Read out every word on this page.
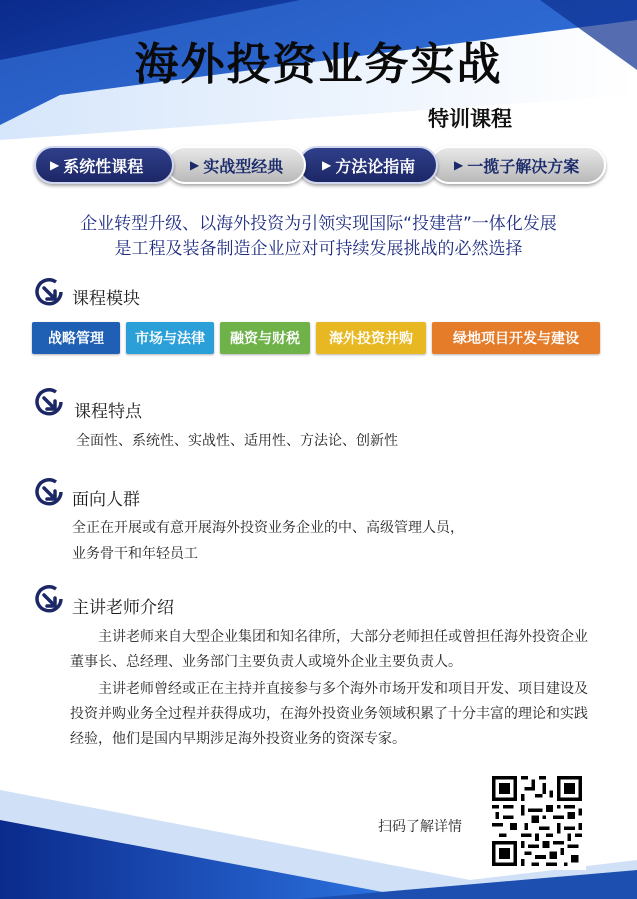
海外投资业务实战
特训课程
▶ 系统性课程	▶ 实战型经典	▶ 方法论指南	▶ 一揽子解决方案
企业转型升级、以海外投资为引领实现国际“投建营”一体化发展
是工程及装备制造企业应对可持续发展挑战的必然选择
课程模块
战略管理	市场与法律	融资与财税	海外投资并购	绿地项目开发与建设
课程特点
全面性、系统性、实战性、适用性、方法论、创新性
面向人群
全正在开展或有意开展海外投资业务企业的中、高级管理人员，
业务骨干和年轻员工
主讲老师介绍
主讲老师来自大型企业集团和知名律所，大部分老师担任或曾担任海外投资企业董事长、总经理、业务部门主要负责人或境外企业主要负责人。
主讲老师曾经或正在主持并直接参与多个海外市场开发和项目开发、项目建设及投资并购业务全过程并获得成功，在海外投资业务领域积累了十分丰富的理论和实践经验，他们是国内早期涉足海外投资业务的资深专家。
扫码了解详情
